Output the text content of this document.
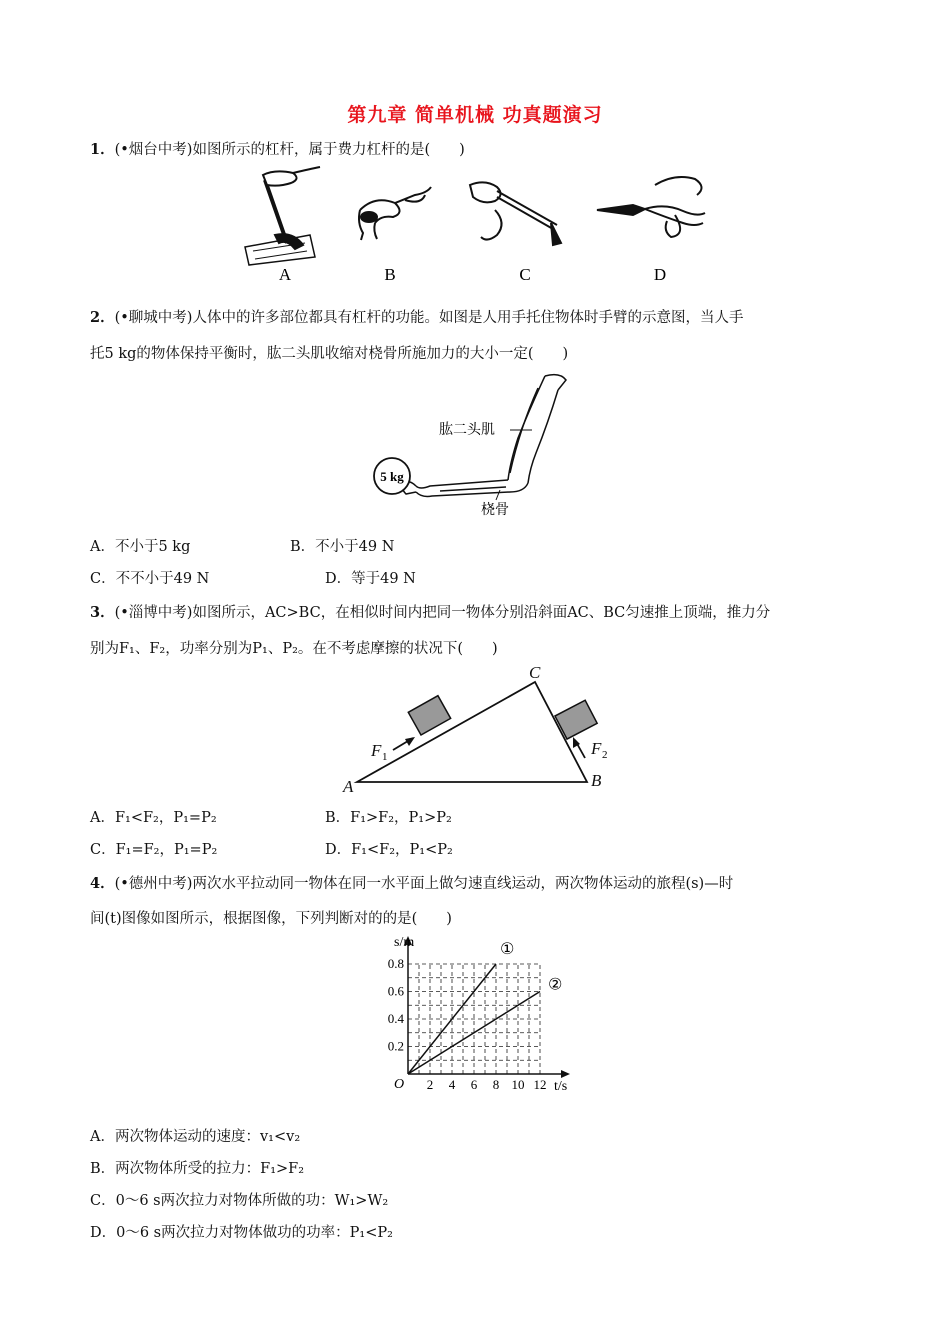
第九章 简单机械 功真题演习
1．(•烟台中考)如图所示的杠杆，属于费力杠杆的是(　　)
A	B	C	D
2．(•聊城中考)人体中的许多部位都具有杠杆的功能。如图是人用手托住物体时手臂的示意图，当人手
托5 kg的物体保持平衡时，肱二头肌收缩对桡骨所施加力的大小一定(　　)
5 kg
肱二头肌
桡骨
A．不小于5 kg	B．不小于49 N
C．不不小于49 N	D．等于49 N
3．(•淄博中考)如图所示，AC>BC，在相似时间内把同一物体分别沿斜面AC、BC匀速推上顶端，推力分
别为F₁、F₂，功率分别为P₁、P₂。在不考虑摩擦的状况下(　　)
A	B
C
F	F
1	2
A．F₁<F₂，P₁=P₂	B．F₁>F₂，P₁>P₂
C．F₁=F₂，P₁=P₂	D．F₁<F₂，P₁<P₂
4．(•德州中考)两次水平拉动同一物体在同一水平面上做匀速直线运动，两次物体运动的旅程(s)—时
间(t)图像如图所示，根据图像，下列判断对的的是(　　)
2 4 6 8 10 12
0.2
0.4
0.6
0.8
O
s/m
t/s
①
②
A．两次物体运动的速度：v₁<v₂
B．两次物体所受的拉力：F₁>F₂
C．0～6 s两次拉力对物体所做的功：W₁>W₂
D．0～6 s两次拉力对物体做功的功率：P₁<P₂
